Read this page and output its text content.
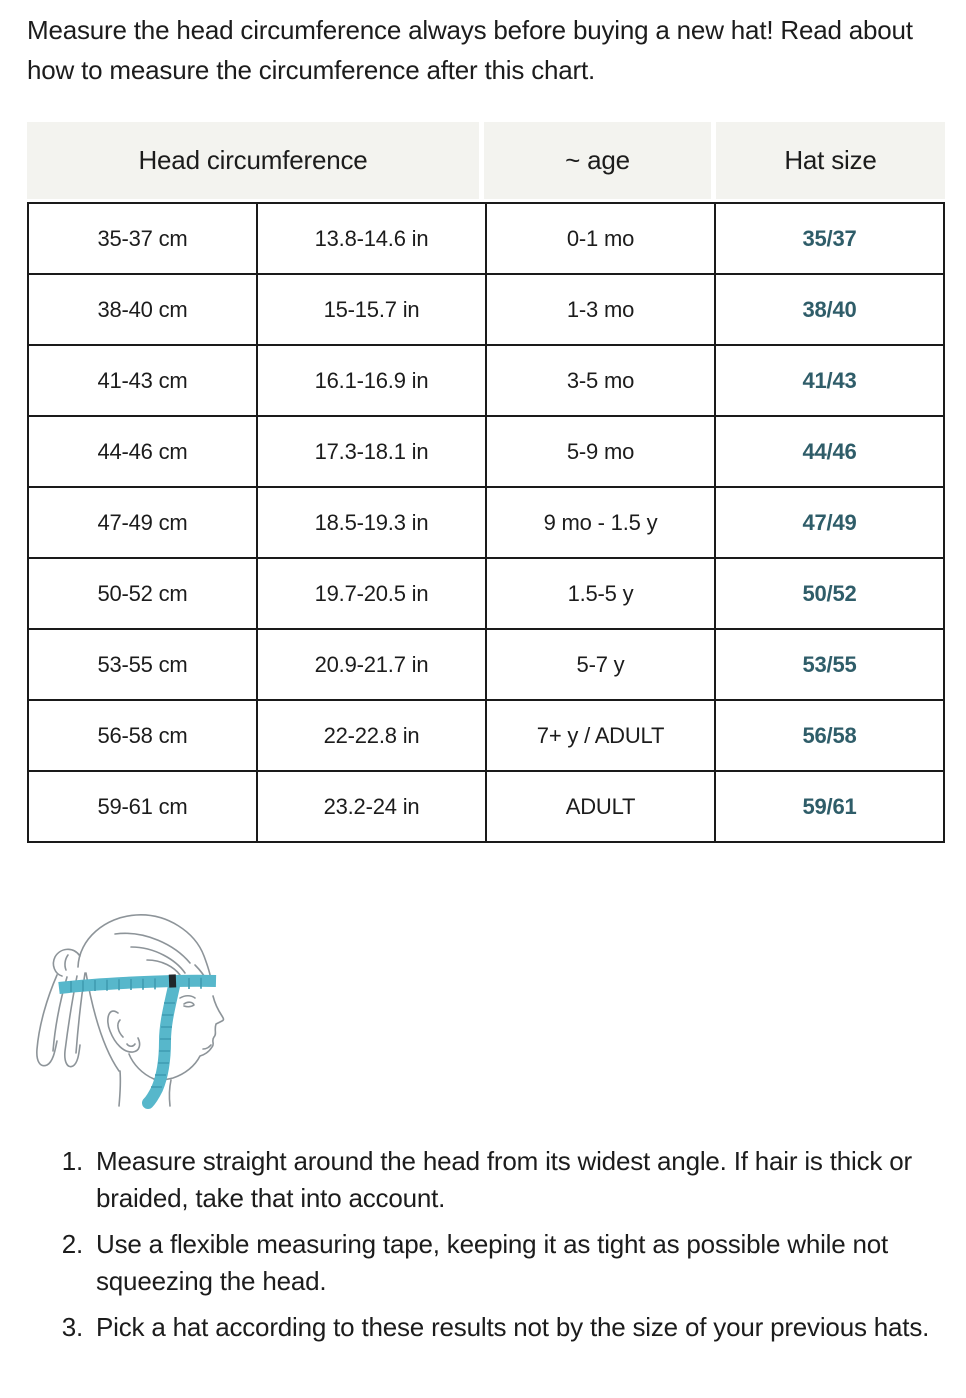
Measure the head circumference always before buying a new hat! Read about how to measure the circumference after this chart.

Head circumference	~ age	Hat size
35-37 cm	13.8-14.6 in	0-1 mo	35/37
38-40 cm	15-15.7 in	1-3 mo	38/40
41-43 cm	16.1-16.9 in	3-5 mo	41/43
44-46 cm	17.3-18.1 in	5-9 mo	44/46
47-49 cm	18.5-19.3 in	9 mo - 1.5 y	47/49
50-52 cm	19.7-20.5 in	1.5-5 y	50/52
53-55 cm	20.9-21.7 in	5-7 y	53/55
56-58 cm	22-22.8 in	7+ y / ADULT	56/58
59-61 cm	23.2-24 in	ADULT	59/61
1. Measure straight around the head from its widest angle. If hair is thick or braided, take that into account.
2. Use a flexible measuring tape, keeping it as tight as possible while not squeezing the head.
3. Pick a hat according to these results not by the size of your previous hats.
